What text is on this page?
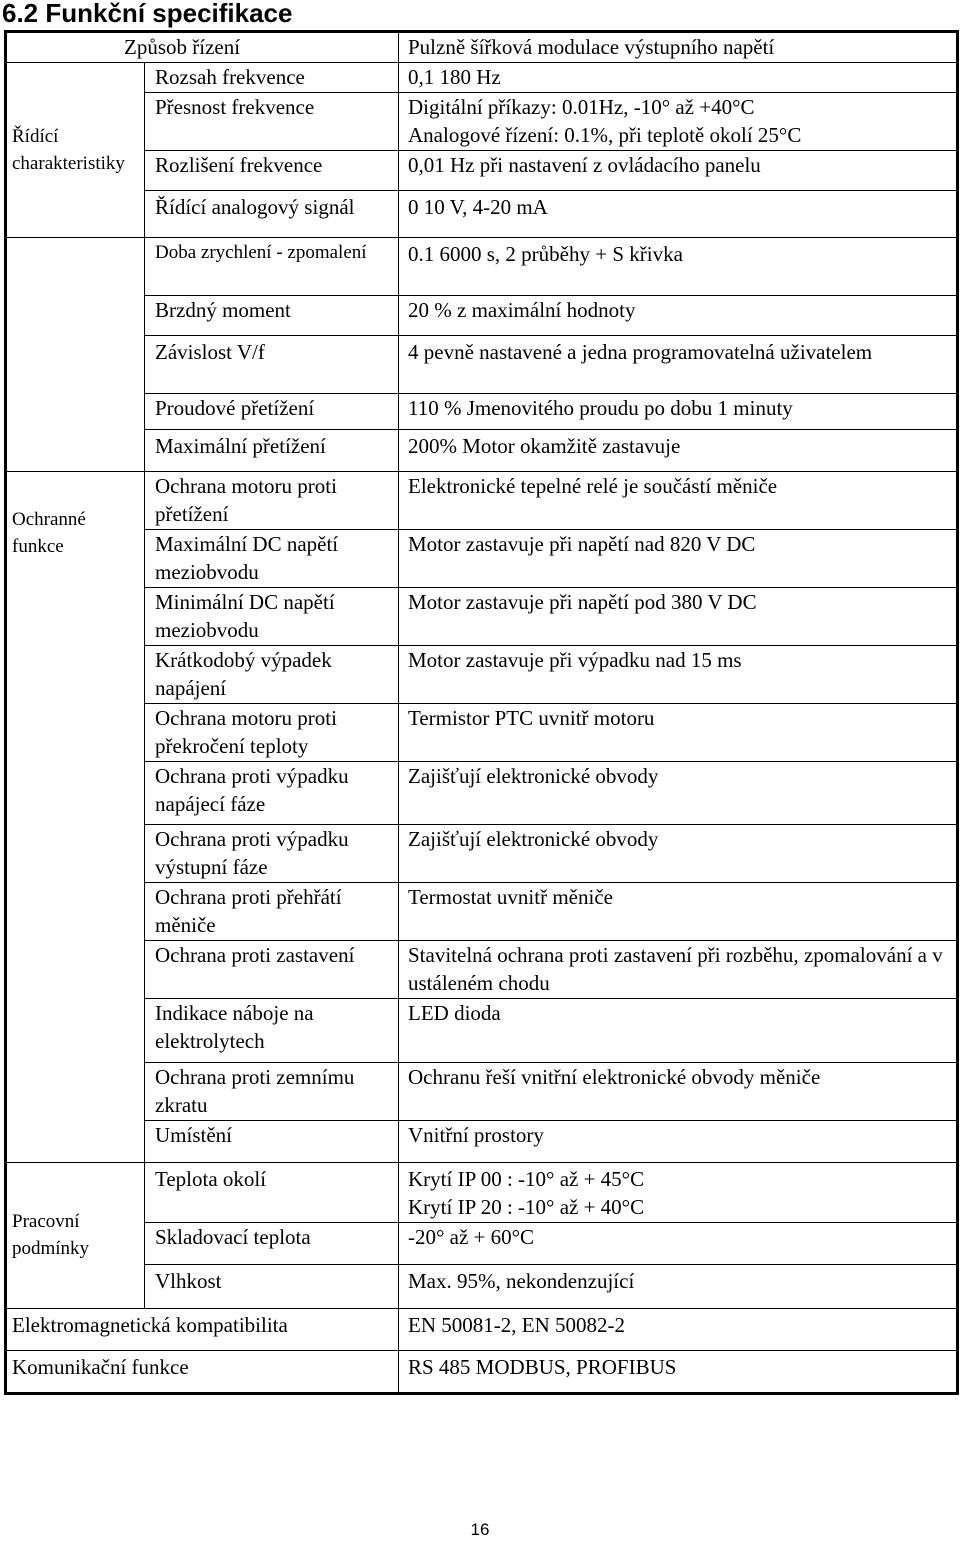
6.2 Funkční specifikace
Způsob řízení		Pulzně šířková modulace výstupního napětí
Řídící charakteristiky	Rozsah frekvence	0,1 180 Hz
	Přesnost frekvence	Digitální příkazy: 0.01Hz, -10° až +40°C
Analogové řízení: 0.1%, při teplotě okolí 25°C

	Rozlišení frekvence	0,01 Hz při nastavení z ovládacího panelu
	Řídící analogový signál	0 10 V, 4-20 mA
	Doba zrychlení - zpomalení	0.1 6000 s, 2 průběhy + S křivka
	Brzdný moment	20 % z maximální hodnoty
	Závislost V/f	4 pevně nastavené a jedna programovatelná uživatelem
	Proudové přetížení	110 % Jmenovitého proudu po dobu 1 minuty
	Maximální přetížení	200% Motor okamžitě zastavuje
Ochranné funkce	Ochrana motoru proti přetížení	Elektronické tepelné relé je součástí měniče
	Maximální DC napětí meziobvodu	Motor zastavuje při napětí nad 820 V DC
	Minimální DC napětí meziobvodu	Motor zastavuje při napětí pod 380 V DC
	Krátkodobý výpadek napájení	Motor zastavuje při výpadku nad 15 ms
	Ochrana motoru proti překročení teploty	Termistor PTC uvnitř motoru
	Ochrana proti výpadku napájecí fáze	Zajišťují elektronické obvody
	Ochrana proti výpadku výstupní fáze	Zajišťují elektronické obvody
	Ochrana proti přehřátí měniče	Termostat uvnitř měniče
	Ochrana proti zastavení	Stavitelná ochrana proti zastavení při rozběhu, zpomalování a v ustáleném chodu
	Indikace náboje na elektrolytech	LED dioda
	Ochrana proti zemnímu zkratu	Ochranu řeší vnitřní elektronické obvody měniče
	Umístění	Vnitřní prostory
Pracovní podmínky	Teplota okolí	Krytí IP 00 : -10° až + 45°C
Krytí IP 20 : -10° až + 40°C

	Skladovací teplota	-20° až + 60°C
	Vlhkost	Max. 95%, nekondenzující
Elektromagnetická kompatibilita		EN 50081-2, EN 50082-2
Komunikační funkce		RS 485 MODBUS, PROFIBUS
16
